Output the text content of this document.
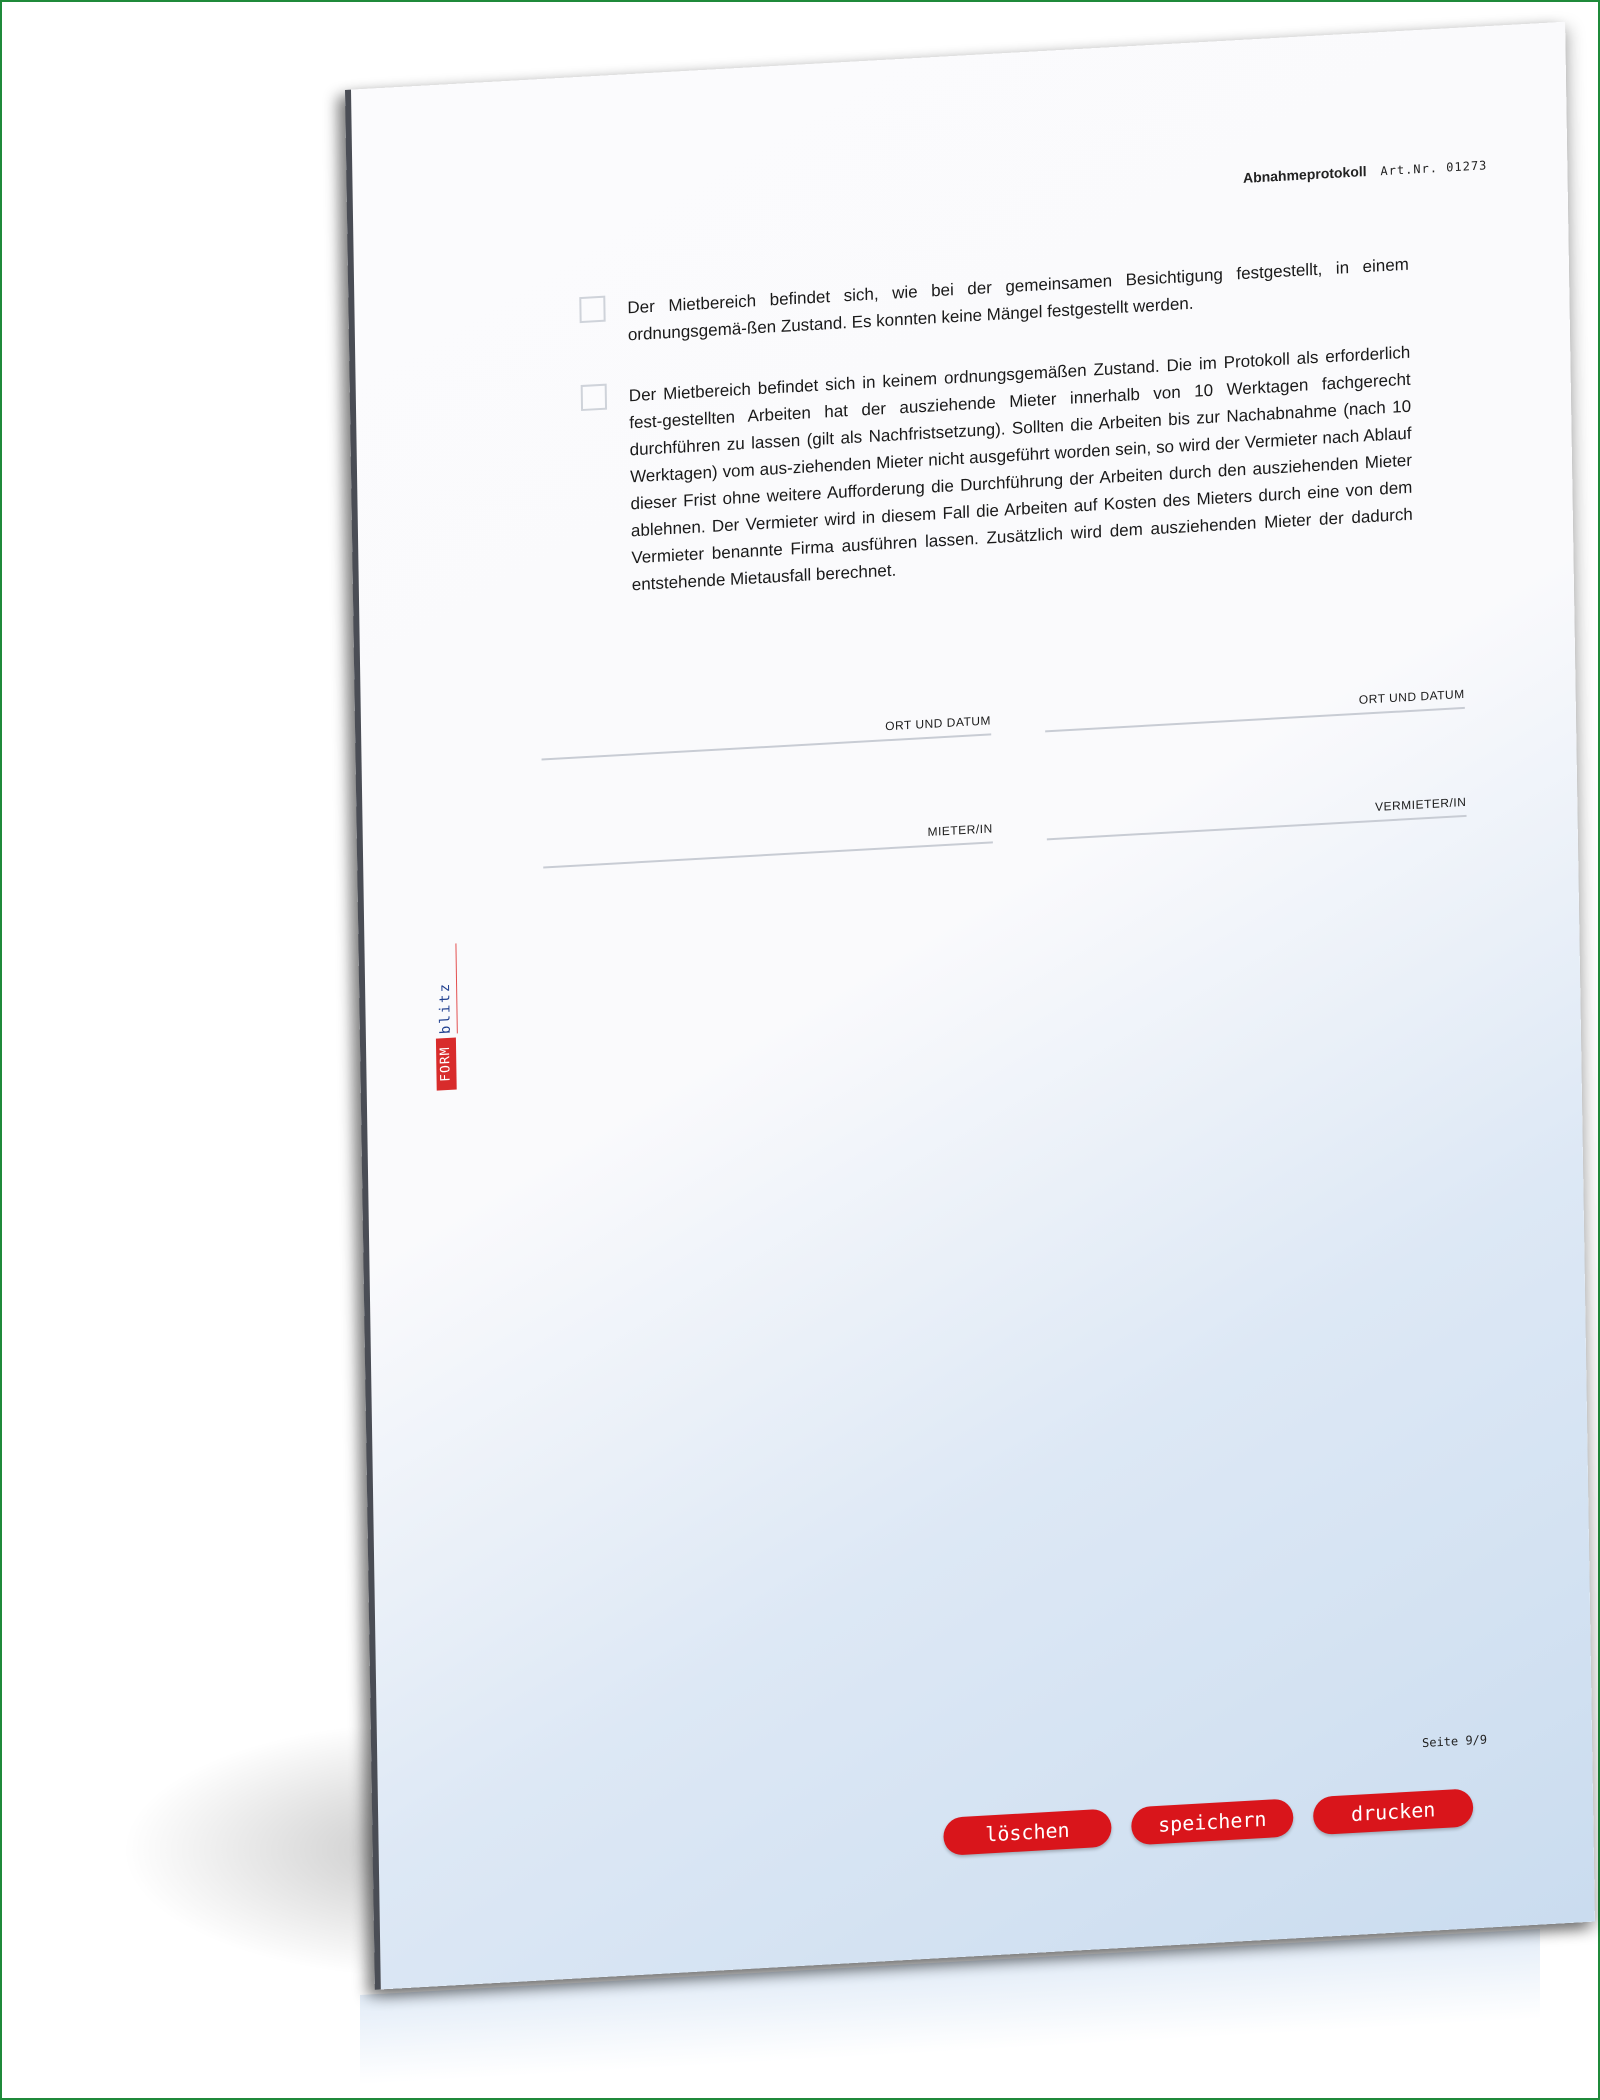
Abnahmeprotokoll Art.Nr. 01273
Der Mietbereich befindet sich, wie bei der gemeinsamen Besichtigung festgestellt, in einem ordnungsgemä-ßen Zustand. Es konnten keine Mängel festgestellt werden.
Der Mietbereich befindet sich in keinem ordnungsgemäßen Zustand. Die im Protokoll als erforderlich fest-gestellten Arbeiten hat der ausziehende Mieter innerhalb von 10 Werktagen fachgerecht durchführen zu lassen (gilt als Nachfristsetzung). Sollten die Arbeiten bis zur Nachabnahme (nach 10 Werktagen) vom aus-ziehenden Mieter nicht ausgeführt worden sein, so wird der Vermieter nach Ablauf dieser Frist ohne weitere Aufforderung die Durchführung der Arbeiten durch den ausziehenden Mieter ablehnen. Der Vermieter wird in diesem Fall die Arbeiten auf Kosten des Mieters durch eine von dem Vermieter benannte Firma ausführen lassen. Zusätzlich wird dem ausziehenden Mieter der dadurch entstehende Mietausfall berechnet.
ORT UND DATUM
ORT UND DATUM
MIETER/IN
VERMIETER/IN
FORM
blitz
Seite 9/9
löschen	speichern	drucken
